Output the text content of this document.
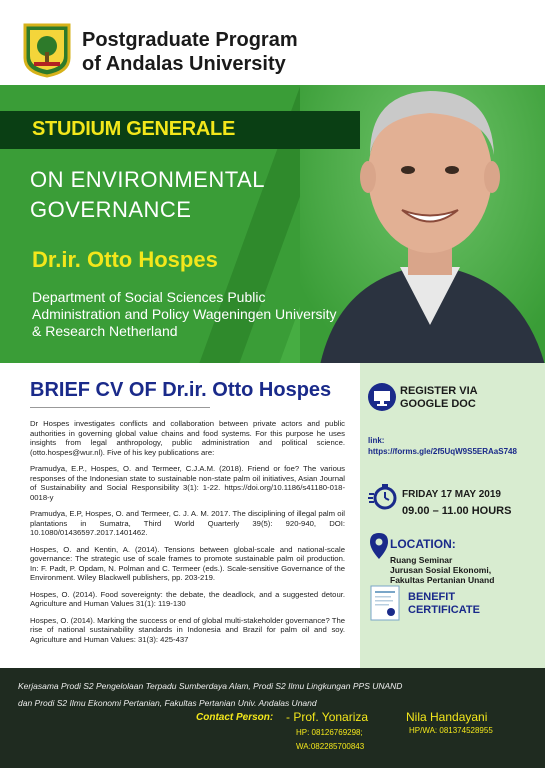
Postgraduate Program
of Andalas University
STUDIUM GENERALE
ON ENVIRONMENTAL
GOVERNANCE
Dr.ir. Otto Hospes
Department of Social Sciences Public
Administration and Policy Wageningen University
& Research Netherland
BRIEF CV OF Dr.ir. Otto Hospes

Dr Hospes investigates conflicts and collaboration between private actors and public authorities in governing global value chains and food systems. For this purpose he uses insights from legal anthropology, public administration and political science. (otto.hospes@wur.nl). Five of his key publications are:

Pramudya, E.P., Hospes, O. and Termeer, C.J.A.M. (2018). Friend or foe? The various responses of the Indonesian state to sustainable non-state palm oil initiatives, Asian Journal of Sustainability and Social Responsibility 3(1): 1-22. https://doi.org/10.1186/s41180-018-0018-y

Pramudya, E.P, Hospes, O. and Termeer, C. J. A. M. 2017. The disciplining of illegal palm oil plantations in Sumatra, Third World Quarterly 39(5): 920-940, DOI: 10.1080/01436597.2017.1401462.

Hospes, O. and Kentin, A. (2014). Tensions between global-scale and national-scale governance: The strategic use of scale frames to promote sustainable palm oil production. In: F. Padt, P. Opdam, N. Polman and C. Termeer (eds.). Scale-sensitive Governance of the Environment. Wiley Blackwell publishers, pp. 203-219.

Hospes, O. (2014). Food sovereignty: the debate, the deadlock, and a suggested detour. Agriculture and Human Values 31(1): 119-130

Hospes, O. (2014). Marking the success or end of global multi-stakeholder governance? The rise of national sustainability standards in Indonesia and Brazil for palm oil and soy. Agriculture and Human Values: 31(3): 425-437

REGISTER VIA
GOOGLE DOC
link:
https://forms.gle/2f5UqW9S5ERAaS748
FRIDAY 17 MAY 2019
09.00 – 11.00 HOURS
LOCATION:
Ruang Seminar
Jurusan Sosial Ekonomi,
Fakultas Pertanian Unand
BENEFIT
CERTIFICATE
Kerjasama Prodi S2 Pengelolaan Terpadu Sumberdaya Alam, Prodi S2 Ilmu Lingkungan PPS UNAND
dan Prodi S2 Ilmu Ekonomi Pertanian, Fakultas Pertanian Univ. Andalas Unand
Contact Person: - Prof. Yonariza
HP: 08126769298;
WA:082285700843
Nila Handayani
HP/WA: 081374528955
